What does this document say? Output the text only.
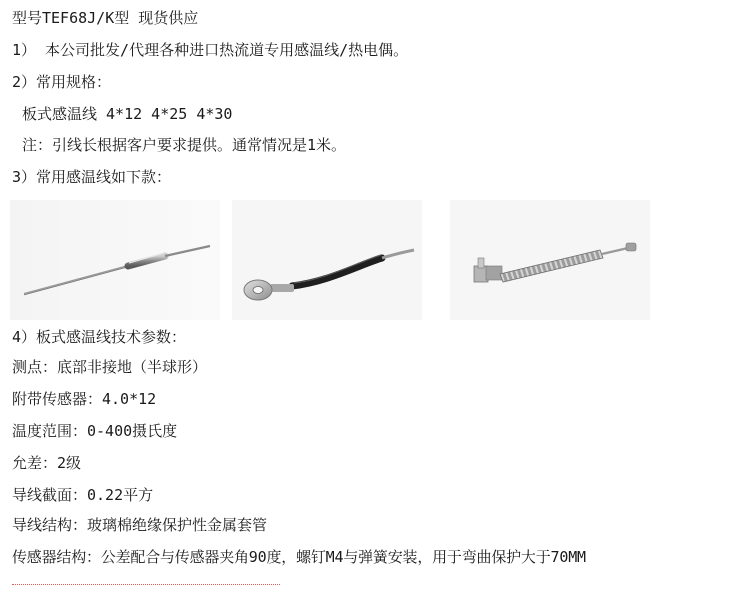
型号TEF68J/K型 现货供应
1） 本公司批发/代理各种进口热流道专用感温线/热电偶。
2）常用规格：
板式感温线 4*12 4*25 4*30
注：引线长根据客户要求提供。通常情况是1米。
3）常用感温线如下款：
4）板式感温线技术参数：
测点：底部非接地（半球形）
附带传感器：4.0*12
温度范围：0-400摄氏度
允差：2级
导线截面：0.22平方
导线结构：玻璃棉绝缘保护性金属套管
传感器结构：公差配合与传感器夹角90度，螺钉M4与弹簧安装，用于弯曲保护大于70MM
